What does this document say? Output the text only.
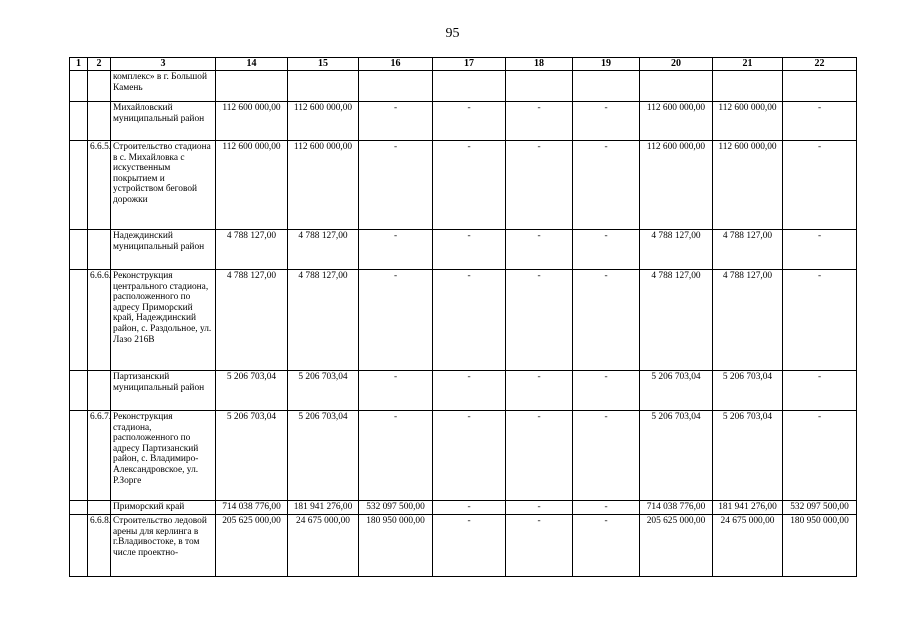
95
1	2	3	14	15	16	17	18	19	20	21	22
		комплекс» в г. Большой Камень									
		Михайловский муниципальный район	112 600 000,00	112 600 000,00	-	-	-	-	112 600 000,00	112 600 000,00	-
	6.6.5.	Строительство стадиона в с. Михайловка с искуственным покрытием и устройством беговой дорожки	112 600 000,00	112 600 000,00	-	-	-	-	112 600 000,00	112 600 000,00	-
		Надеждинский муниципальный район	4 788 127,00	4 788 127,00	-	-	-	-	4 788 127,00	4 788 127,00	-
	6.6.6.	Реконструкция центрального стадиона, расположенного по адресу Приморский край, Надеждинский район, с. Раздольное, ул. Лазо 216В	4 788 127,00	4 788 127,00	-	-	-	-	4 788 127,00	4 788 127,00	-
		Партизанский муниципальный район	5 206 703,04	5 206 703,04	-	-	-	-	5 206 703,04	5 206 703,04	-
	6.6.7.	Реконструкция стадиона, расположенного по адресу Партизанский район, с. Владимиро-Александровское, ул. Р.Зорге	5 206 703,04	5 206 703,04	-	-	-	-	5 206 703,04	5 206 703,04	-
		Приморский край	714 038 776,00	181 941 276,00	532 097 500,00	-	-	-	714 038 776,00	181 941 276,00	532 097 500,00
	6.6.8.	Строительство ледовой арены для керлинга в г.Владивостоке, в том числе проектно-	205 625 000,00	24 675 000,00	180 950 000,00	-	-	-	205 625 000,00	24 675 000,00	180 950 000,00
